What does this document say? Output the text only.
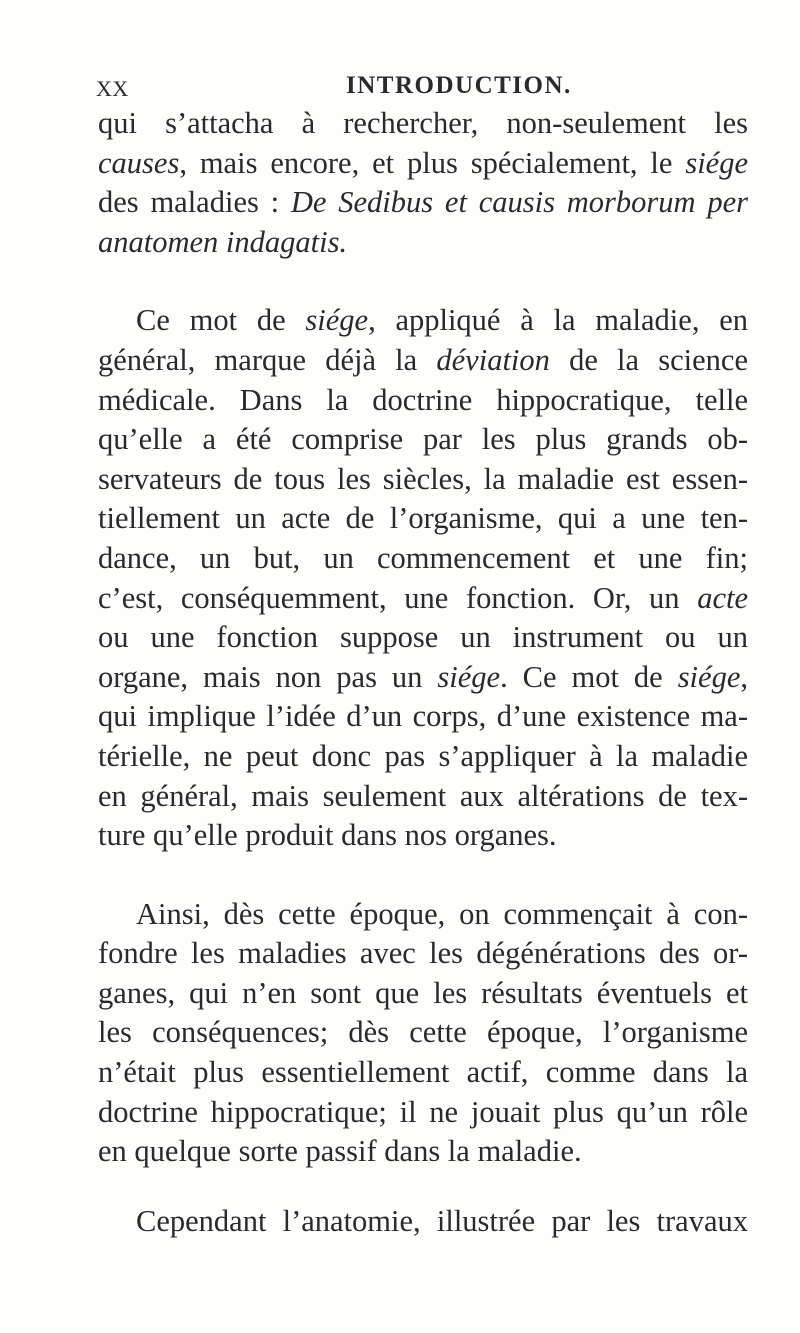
XX	INTRODUCTION.
qui s’attacha à rechercher, non-seulement les
causes, mais encore, et plus spécialement, le siége
des maladies : De Sedibus et causis morborum per
anatomen indagatis.
Ce mot de siége, appliqué à la maladie, en
général, marque déjà la déviation de la science
médicale. Dans la doctrine hippocratique, telle
qu’elle a été comprise par les plus grands ob-
servateurs de tous les siècles, la maladie est essen-
tiellement un acte de l’organisme, qui a une ten-
dance, un but, un commencement et une fin;
c’est, conséquemment, une fonction. Or, un acte
ou une fonction suppose un instrument ou un
organe, mais non pas un siége. Ce mot de siége,
qui implique l’idée d’un corps, d’une existence ma-
térielle, ne peut donc pas s’appliquer à la maladie
en général, mais seulement aux altérations de tex-
ture qu’elle produit dans nos organes.
Ainsi, dès cette époque, on commençait à con-
fondre les maladies avec les dégénérations des or-
ganes, qui n’en sont que les résultats éventuels et
les conséquences; dès cette époque, l’organisme
n’était plus essentiellement actif, comme dans la
doctrine hippocratique; il ne jouait plus qu’un rôle
en quelque sorte passif dans la maladie.
Cependant l’anatomie, illustrée par les travaux
